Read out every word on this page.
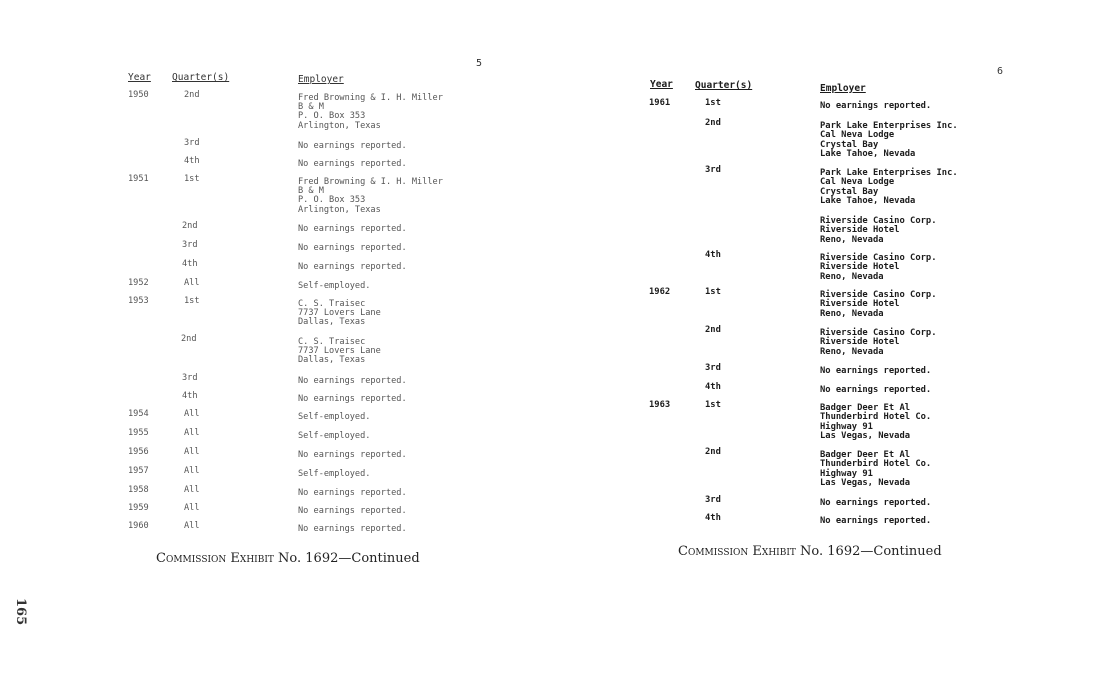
5
Year Quarter(s)	Employer
1950	2nd	Fred Browning & I. H. Miller
B & M
P. O. Box 353
Arlington, Texas
3rd	No earnings reported.
4th	No earnings reported.
1951	1st	Fred Browning & I. H. Miller
B & M
P. O. Box 353
Arlington, Texas
2nd	No earnings reported.
3rd	No earnings reported.
4th	No earnings reported.
1952	All	Self-employed.
1953	1st	C. S. Traisec
7737 Lovers Lane
Dallas, Texas
2nd	C. S. Traisec
7737 Lovers Lane
Dallas, Texas
3rd	No earnings reported.
4th	No earnings reported.
1954	All	Self-employed.
1955	All	Self-employed.
1956	All	No earnings reported.
1957	All	Self-employed.
1958	All	No earnings reported.
1959	All	No earnings reported.
1960	All	No earnings reported.
Commission Exhibit No. 1692—Continued
6
Year Quarter(s)	Employer
1961	1st	No earnings reported.
2nd	Park Lake Enterprises Inc.
Cal Neva Lodge
Crystal Bay
Lake Tahoe, Nevada
3rd	Park Lake Enterprises Inc.
Cal Neva Lodge
Crystal Bay
Lake Tahoe, Nevada
Riverside Casino Corp.
Riverside Hotel
Reno, Nevada
4th	Riverside Casino Corp.
Riverside Hotel
Reno, Nevada
1962	1st	Riverside Casino Corp.
Riverside Hotel
Reno, Nevada
2nd	Riverside Casino Corp.
Riverside Hotel
Reno, Nevada
3rd	No earnings reported.
4th	No earnings reported.
1963	1st	Badger Deer Et Al
Thunderbird Hotel Co.
Highway 91
Las Vegas, Nevada
2nd	Badger Deer Et Al
Thunderbird Hotel Co.
Highway 91
Las Vegas, Nevada
3rd	No earnings reported.
4th	No earnings reported.
Commission Exhibit No. 1692—Continued
165
